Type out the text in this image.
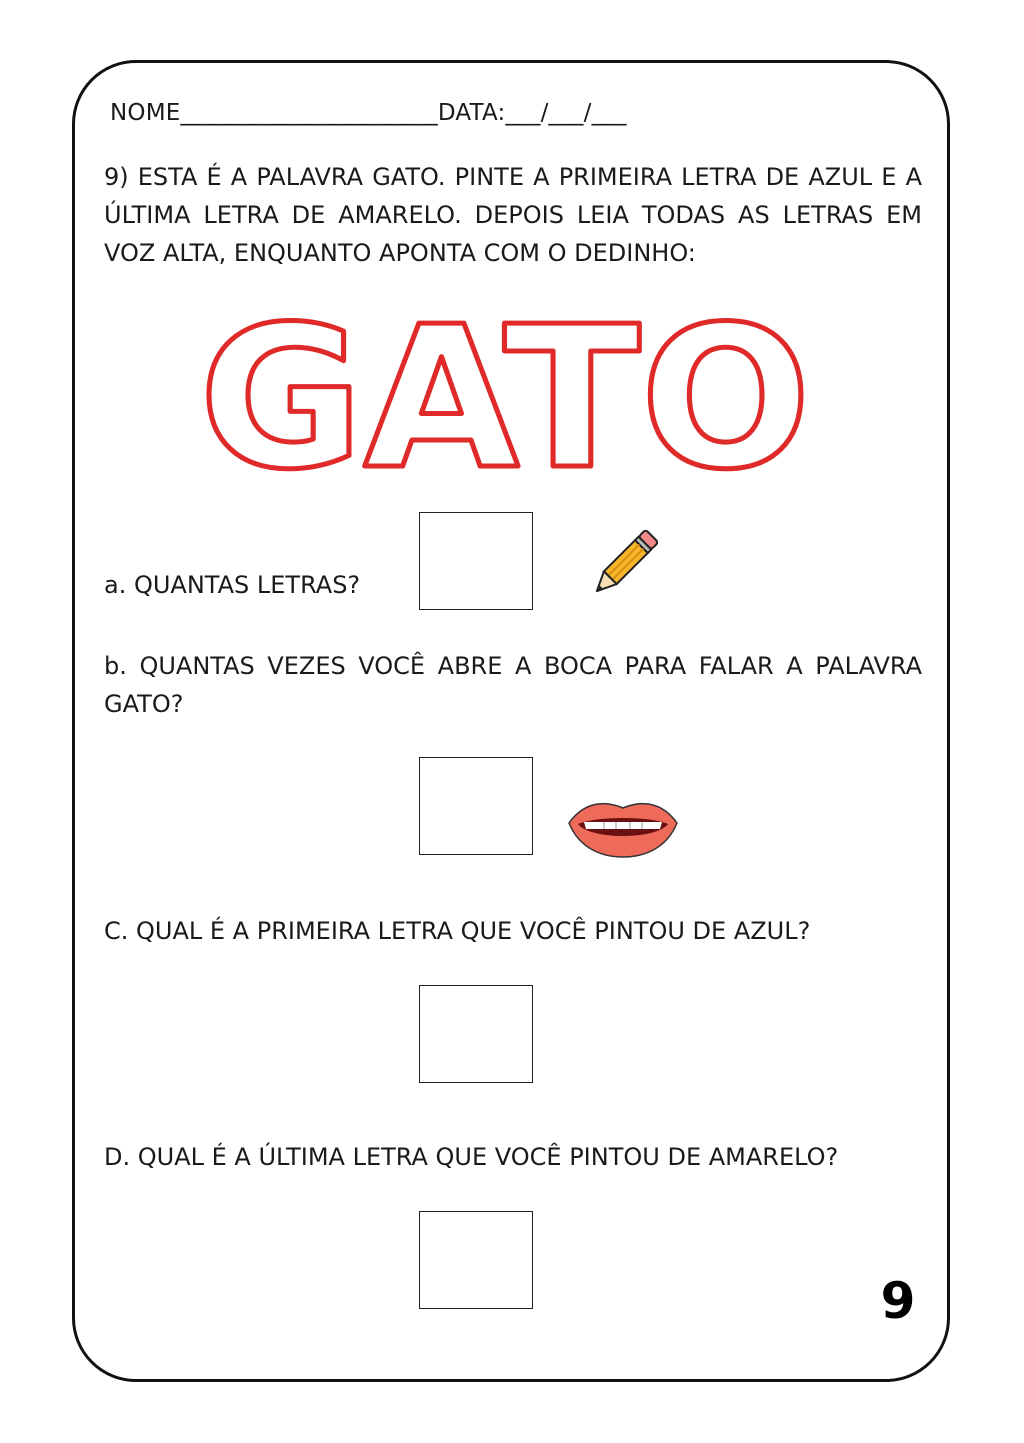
NOME______________________DATA:___/___/___
9) ESTA É A PALAVRA GATO. PINTE A PRIMEIRA LETRA DE AZUL E A ÚLTIMA LETRA DE AMARELO. DEPOIS LEIA TODAS AS LETRAS EM VOZ ALTA, ENQUANTO APONTA COM O DEDINHO:
GATO
a. QUANTAS LETRAS?
b. QUANTAS VEZES VOCÊ ABRE A BOCA PARA FALAR A PALAVRA GATO?
C. QUAL É A PRIMEIRA LETRA QUE VOCÊ PINTOU DE AZUL?
D. QUAL É A ÚLTIMA LETRA QUE VOCÊ PINTOU DE AMARELO?
9
